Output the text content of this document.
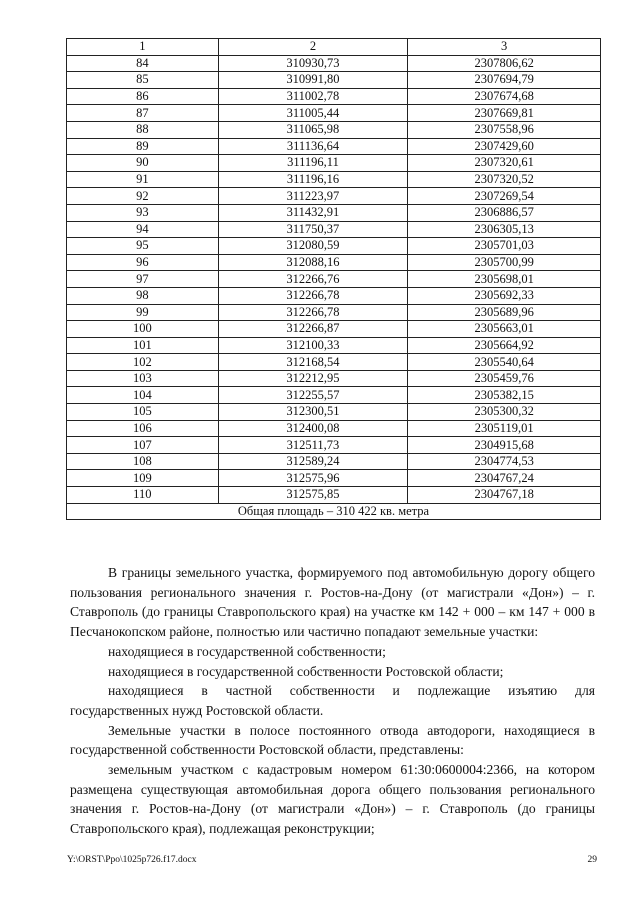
1	2	3
84	310930,73	2307806,62
85	310991,80	2307694,79
86	311002,78	2307674,68
87	311005,44	2307669,81
88	311065,98	2307558,96
89	311136,64	2307429,60
90	311196,11	2307320,61
91	311196,16	2307320,52
92	311223,97	2307269,54
93	311432,91	2306886,57
94	311750,37	2306305,13
95	312080,59	2305701,03
96	312088,16	2305700,99
97	312266,76	2305698,01
98	312266,78	2305692,33
99	312266,78	2305689,96
100	312266,87	2305663,01
101	312100,33	2305664,92
102	312168,54	2305540,64
103	312212,95	2305459,76
104	312255,57	2305382,15
105	312300,51	2305300,32
106	312400,08	2305119,01
107	312511,73	2304915,68
108	312589,24	2304774,53
109	312575,96	2304767,24
110	312575,85	2304767,18
Общая площадь – 310 422 кв. метра		

В границы земельного участка, формируемого под автомобильную дорогу общего пользования регионального значения г. Ростов-на-Дону (от магистрали «Дон») – г. Ставрополь (до границы Ставропольского края) на участке км 142 + 000 – км 147 + 000 в Песчанокопском районе, полностью или частично попадают земельные участки:

находящиеся в государственной собственности;

находящиеся в государственной собственности Ростовской области;

находящиеся в частной собственности и подлежащие изъятию для государственных нужд Ростовской области.

Земельные участки в полосе постоянного отвода автодороги, находящиеся в государственной собственности Ростовской области, представлены:

земельным участком с кадастровым номером 61:30:0600004:2366, на котором размещена существующая автомобильная дорога общего пользования регионального значения г. Ростов-на-Дону (от магистрали «Дон») – г. Ставрополь (до границы Ставропольского края), подлежащая реконструкции;

Y:\ORST\Ppo\1025p726.f17.docx	29
